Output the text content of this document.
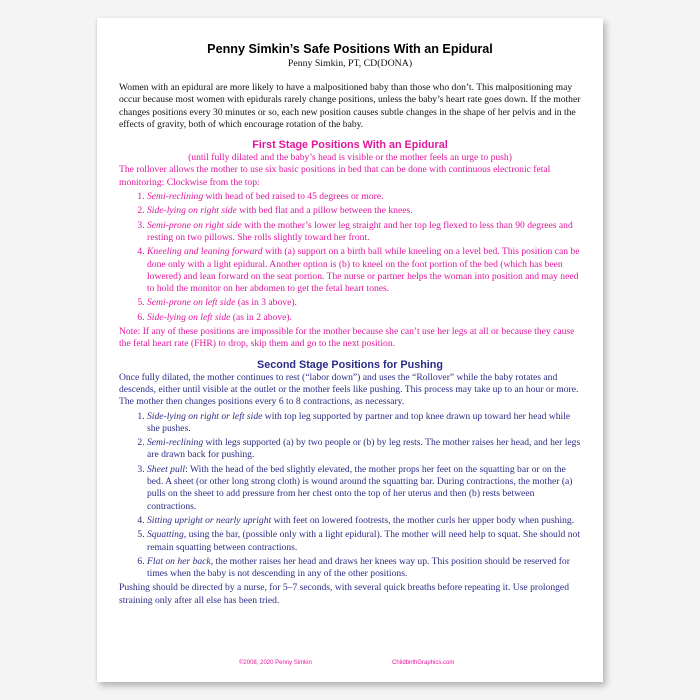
Penny Simkin’s Safe Positions With an Epidural
Penny Simkin, PT, CD(DONA)
Women with an epidural are more likely to have a malpositioned baby than those who don’t. This malpositioning may occur because most women with epidurals rarely change positions, unless the baby’s heart rate goes down. If the mother changes positions every 30 minutes or so, each new position causes subtle changes in the shape of her pelvis and in the effects of gravity, both of which encourage rotation of the baby.
First Stage Positions With an Epidural
(until fully dilated and the baby’s head is visible or the mother feels an urge to push)
The rollover allows the mother to use six basic positions in bed that can be done with continuous electronic fetal monitoring: Clockwise from the top:
1. Semi-reclining with head of bed raised to 45 degrees or more.
2. Side-lying on right side with bed flat and a pillow between the knees.
3. Semi-prone on right side with the mother’s lower leg straight and her top leg flexed to less than 90 degrees and resting on two pillows. She rolls slightly toward her front.
4. Kneeling and leaning forward with (a) support on a birth ball while kneeling on a level bed. This position can be done only with a light epidural. Another option is (b) to kneel on the foot portion of the bed (which has been lowered) and lean forward on the seat portion. The nurse or partner helps the woman into position and may need to hold the monitor on her abdomen to get the fetal heart tones.
5. Semi-prone on left side (as in 3 above).
6. Side-lying on left side (as in 2 above).
Note: If any of these positions are impossible for the mother because she can’t use her legs at all or because they cause the fetal heart rate (FHR) to drop, skip them and go to the next position.
Second Stage Positions for Pushing
Once fully dilated, the mother continues to rest (“labor down”) and uses the “Rollover” while the baby rotates and descends, either until visible at the outlet or the mother feels like pushing. This process may take up to an hour or more. The mother then changes positions every 6 to 8 contractions, as necessary.
1. Side-lying on right or left side with top leg supported by partner and top knee drawn up toward her head while she pushes.
2. Semi-reclining with legs supported (a) by two people or (b) by leg rests. The mother raises her head, and her legs are drawn back for pushing.
3. Sheet pull: With the head of the bed slightly elevated, the mother props her feet on the squatting bar or on the bed. A sheet (or other long strong cloth) is wound around the squatting bar. During contractions, the mother (a) pulls on the sheet to add pressure from her chest onto the top of her uterus and then (b) rests between contractions.
4. Sitting upright or nearly upright with feet on lowered footrests, the mother curls her upper body when pushing.
5. Squatting, using the bar, (possible only with a light epidural). The mother will need help to squat. She should not remain squatting between contractions.
6. Flat on her back, the mother raises her head and draws her knees way up. This position should be reserved for times when the baby is not descending in any of the other positions.
Pushing should be directed by a nurse, for 5–7 seconds, with several quick breaths before repeating it. Use prolonged straining only after all else has been tried.
©2008, 2020 Penny Simkin	ChildbirthGraphics.com
